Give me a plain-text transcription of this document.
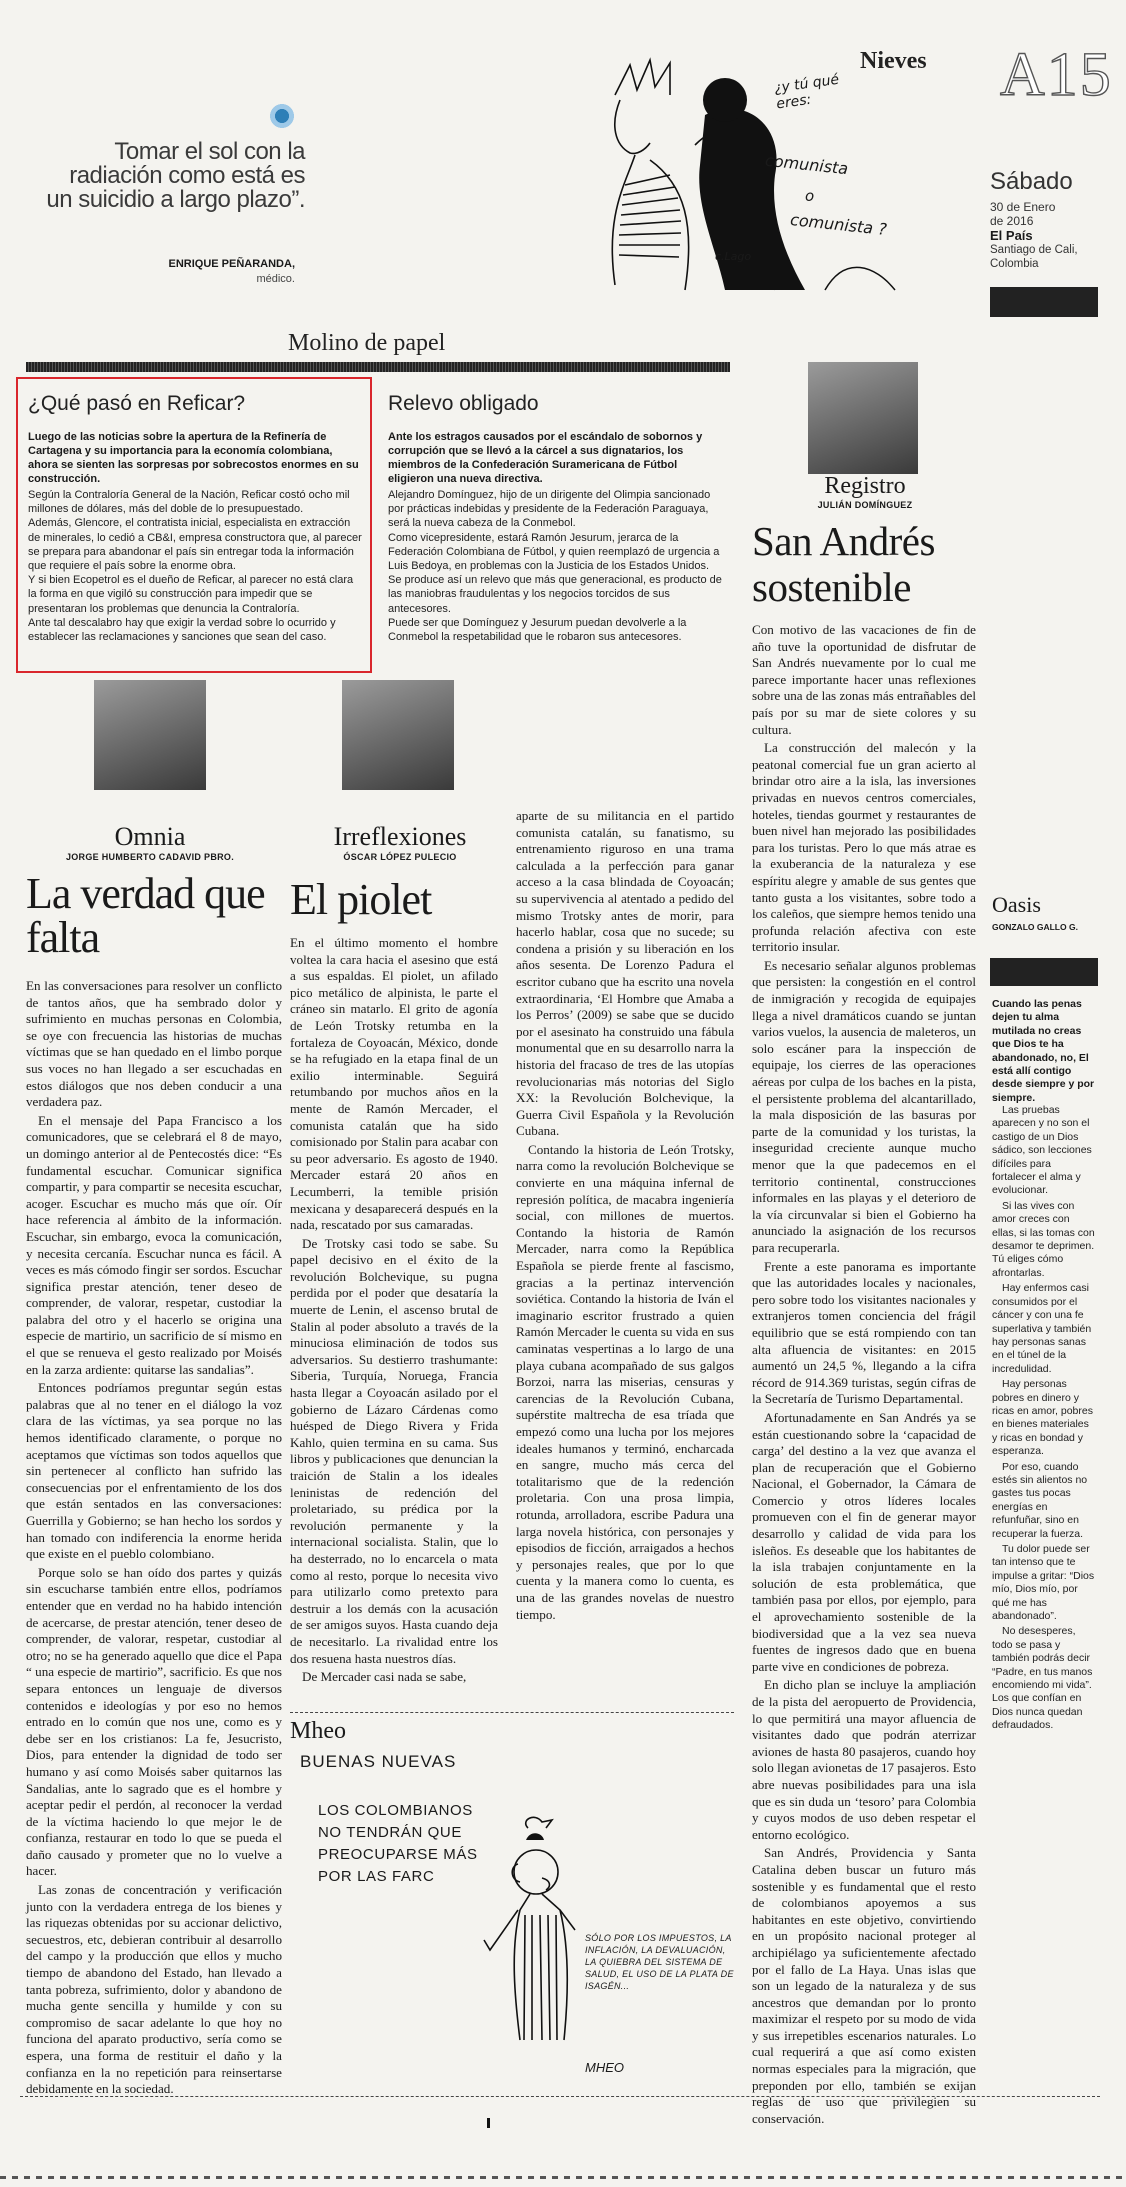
Tomar el sol con la radiación como está es un suicidio a largo plazo”.
ENRIQUE PEÑARANDA,
médico.
¿y tú qué eres:
comunista
o
comunista ?
c.Lago
Nieves A15
Sábado
30 de Enero
de 2016
El País
Santiago de Cali,
Colombia
Molino de papel
¿Qué pasó en Reficar?
Luego de las noticias sobre la apertura de la Refinería de Cartagena y su importancia para la economía colombiana, ahora se sienten las sorpresas por sobrecostos enormes en su construcción.
Según la Contraloría General de la Nación, Reficar costó ocho mil millones de dólares, más del doble de lo presupuestado.
Además, Glencore, el contratista inicial, especialista en extracción de minerales, lo cedió a CB&I, empresa constructora que, al parecer se prepara para abandonar el país sin entregar toda la información que requiere el país sobre la enorme obra.
Y si bien Ecopetrol es el dueño de Reficar, al parecer no está clara la forma en que vigiló su construcción para impedir que se presentaran los problemas que denuncia la Contraloría.
Ante tal descalabro hay que exigir la verdad sobre lo ocurrido y establecer las reclamaciones y sanciones que sean del caso.
Relevo obligado
Ante los estragos causados por el escándalo de sobornos y corrupción que se llevó a la cárcel a sus dignatarios, los miembros de la Confederación Suramericana de Fútbol eligieron una nueva directiva.
Alejandro Domínguez, hijo de un dirigente del Olimpia sancionado por prácticas indebidas y presidente de la Federación Paraguaya, será la nueva cabeza de la Conmebol.
Como vicepresidente, estará Ramón Jesurum, jerarca de la Federación Colombiana de Fútbol, y quien reemplazó de urgencia a Luis Bedoya, en problemas con la Justicia de los Estados Unidos.
Se produce así un relevo que más que generacional, es producto de las maniobras fraudulentas y los negocios torcidos de sus antecesores.
Puede ser que Domínguez y Jesurum puedan devolverle a la Conmebol la respetabilidad que le robaron sus antecesores.
Omnia
JORGE HUMBERTO CADAVID PBRO.
La verdad que falta

En las conversaciones para resolver un conflicto de tantos años, que ha sembrado dolor y sufrimiento en muchas personas en Colombia, se oye con frecuencia las historias de muchas víctimas que se han quedado en el limbo porque sus voces no han llegado a ser escuchadas en estos diálogos que nos deben conducir a una verdadera paz.

En el mensaje del Papa Francisco a los comunicadores, que se celebrará el 8 de mayo, un domingo anterior al de Pentecostés dice: “Es fundamental escuchar. Comunicar significa compartir, y para compartir se necesita escuchar, acoger. Escuchar es mucho más que oír. Oír hace referencia al ámbito de la información. Escuchar, sin embargo, evoca la comunicación, y necesita cercanía. Escuchar nunca es fácil. A veces es más cómodo fingir ser sordos. Escuchar significa prestar atención, tener deseo de comprender, de valorar, respetar, custodiar la palabra del otro y el hacerlo se origina una especie de martirio, un sacrificio de sí mismo en el que se renueva el gesto realizado por Moisés en la zarza ardiente: quitarse las sandalias”.

Entonces podríamos preguntar según estas palabras que al no tener en el diálogo la voz clara de las víctimas, ya sea porque no las hemos identificado claramente, o porque no aceptamos que víctimas son todos aquellos que sin pertenecer al conflicto han sufrido las consecuencias por el enfrentamiento de los dos que están sentados en las conversaciones: Guerrilla y Gobierno; se han hecho los sordos y han tomado con indiferencia la enorme herida que existe en el pueblo colombiano.

Porque solo se han oído dos partes y quizás sin escucharse también entre ellos, podríamos entender que en verdad no ha habido intención de acercarse, de prestar atención, tener deseo de comprender, de valorar, respetar, custodiar al otro; no se ha generado aquello que dice el Papa “ una especie de martirio”, sacrificio. Es que nos separa entonces un lenguaje de diversos contenidos e ideologías y por eso no hemos entrado en lo común que nos une, como es y debe ser en los cristianos: La fe, Jesucristo, Dios, para entender la dignidad de todo ser humano y así como Moisés saber quitarnos las Sandalias, ante lo sagrado que es el hombre y aceptar pedir el perdón, al reconocer la verdad de la víctima haciendo lo que mejor le de confianza, restaurar en todo lo que se pueda el daño causado y prometer que no lo vuelve a hacer.

Las zonas de concentración y verificación junto con la verdadera entrega de los bienes y las riquezas obtenidas por su accionar delictivo, secuestros, etc, debieran contribuir al desarrollo del campo y la producción que ellos y mucho tiempo de abandono del Estado, han llevado a tanta pobreza, sufrimiento, dolor y abandono de mucha gente sencilla y humilde y con su compromiso de sacar adelante lo que hoy no funciona del aparato productivo, sería como se espera, una forma de restituir el daño y la confianza en la no repetición para reinsertarse debidamente en la sociedad.

Irreflexiones
ÓSCAR LÓPEZ PULECIO
El piolet

En el último momento el hombre voltea la cara hacia el asesino que está a sus espaldas. El piolet, un afilado pico metálico de alpinista, le parte el cráneo sin matarlo. El grito de agonía de León Trotsky retumba en la fortaleza de Coyoacán, México, donde se ha refugiado en la etapa final de un exilio interminable. Seguirá retumbando por muchos años en la mente de Ramón Mercader, el comunista catalán que ha sido comisionado por Stalin para acabar con su peor adversario. Es agosto de 1940. Mercader estará 20 años en Lecumberri, la temible prisión mexicana y desaparecerá después en la nada, rescatado por sus camaradas.

De Trotsky casi todo se sabe. Su papel decisivo en el éxito de la revolución Bolchevique, su pugna perdida por el poder que desataría la muerte de Lenin, el ascenso brutal de Stalin al poder absoluto a través de la minuciosa eliminación de todos sus adversarios. Su destierro trashumante: Siberia, Turquía, Noruega, Francia hasta llegar a Coyoacán asilado por el gobierno de Lázaro Cárdenas como huésped de Diego Rivera y Frida Kahlo, quien termina en su cama. Sus libros y publicaciones que denuncian la traición de Stalin a los ideales leninistas de redención del proletariado, su prédica por la revolución permanente y la internacional socialista. Stalin, que lo ha desterrado, no lo encarcela o mata como al resto, porque lo necesita vivo para utilizarlo como pretexto para destruir a los demás con la acusación de ser amigos suyos. Hasta cuando deja de necesitarlo. La rivalidad entre los dos resuena hasta nuestros días.

De Mercader casi nada se sabe,

aparte de su militancia en el partido comunista catalán, su fanatismo, su entrenamiento riguroso en una trama calculada a la perfección para ganar acceso a la casa blindada de Coyoacán; su supervivencia al atentado a pedido del mismo Trotsky antes de morir, para hacerlo hablar, cosa que no sucede; su condena a prisión y su liberación en los años sesenta. De Lorenzo Padura el escritor cubano que ha escrito una novela extraordinaria, ‘El Hombre que Amaba a los Perros’ (2009) se sabe que se ducido por el asesinato ha construido una fábula monumental que en su desarrollo narra la historia del fracaso de tres de las utopías revolucionarias más notorias del Siglo XX: la Revolución Bolchevique, la Guerra Civil Española y la Revolución Cubana.

Contando la historia de León Trotsky, narra como la revolución Bolchevique se convierte en una máquina infernal de represión política, de macabra ingeniería social, con millones de muertos. Contando la historia de Ramón Mercader, narra como la República Española se pierde frente al fascismo, gracias a la pertinaz intervención soviética. Contando la historia de Iván el imaginario escritor frustrado a quien Ramón Mercader le cuenta su vida en sus caminatas vespertinas a lo largo de una playa cubana acompañado de sus galgos Borzoi, narra las miserias, censuras y carencias de la Revolución Cubana, supérstite maltrecha de esa tríada que empezó como una lucha por los mejores ideales humanos y terminó, encharcada en sangre, mucho más cerca del totalitarismo que de la redención proletaria. Con una prosa limpia, rotunda, arrolladora, escribe Padura una larga novela histórica, con personajes y episodios de ficción, arraigados a hechos y personajes reales, que por lo que cuenta y la manera como lo cuenta, es una de las grandes novelas de nuestro tiempo.

Mheo
BUENAS NUEVAS
LOS COLOMBIANOS NO TENDRÁN QUE PREOCUPARSE MÁS POR LAS FARC
SÓLO POR LOS IMPUESTOS, LA INFLACIÓN, LA DEVALUACIÓN, LA QUIEBRA DEL SISTEMA DE SALUD, EL USO DE LA PLATA DE ISAGÉN...
MHEO
Registro
JULIÁN DOMÍNGUEZ
San Andrés sostenible

Con motivo de las vacaciones de fin de año tuve la oportunidad de disfrutar de San Andrés nuevamente por lo cual me parece importante hacer unas reflexiones sobre una de las zonas más entrañables del país por su mar de siete colores y su cultura.

La construcción del malecón y la peatonal comercial fue un gran acierto al brindar otro aire a la isla, las inversiones privadas en nuevos centros comerciales, hoteles, tiendas gourmet y restaurantes de buen nivel han mejorado las posibilidades para los turistas. Pero lo que más atrae es la exuberancia de la naturaleza y ese espíritu alegre y amable de sus gentes que tanto gusta a los visitantes, sobre todo a los caleños, que siempre hemos tenido una profunda relación afectiva con este territorio insular.

Es necesario señalar algunos problemas que persisten: la congestión en el control de inmigración y recogida de equipajes llega a nivel dramáticos cuando se juntan varios vuelos, la ausencia de maleteros, un solo escáner para la inspección de equipaje, los cierres de las operaciones aéreas por culpa de los baches en la pista, el persistente problema del alcantarillado, la mala disposición de las basuras por parte de la comunidad y los turistas, la inseguridad creciente aunque mucho menor que la que padecemos en el territorio continental, construcciones informales en las playas y el deterioro de la vía circunvalar si bien el Gobierno ha anunciado la asignación de los recursos para recuperarla.

Frente a este panorama es importante que las autoridades locales y nacionales, pero sobre todo los visitantes nacionales y extranjeros tomen conciencia del frágil equilibrio que se está rompiendo con tan alta afluencia de visitantes: en 2015 aumentó un 24,5 %, llegando a la cifra récord de 914.369 turistas, según cifras de la Secretaría de Turismo Departamental.

Afortunadamente en San Andrés ya se están cuestionando sobre la ‘capacidad de carga’ del destino a la vez que avanza el plan de recuperación que el Gobierno Nacional, el Gobernador, la Cámara de Comercio y otros líderes locales promueven con el fin de generar mayor desarrollo y calidad de vida para los isleños. Es deseable que los habitantes de la isla trabajen conjuntamente en la solución de esta problemática, que también pasa por ellos, por ejemplo, para el aprovechamiento sostenible de la biodiversidad que a la vez sea nueva fuentes de ingresos dado que en buena parte vive en condiciones de pobreza.

En dicho plan se incluye la ampliación de la pista del aeropuerto de Providencia, lo que permitirá una mayor afluencia de visitantes dado que podrán aterrizar aviones de hasta 80 pasajeros, cuando hoy solo llegan avionetas de 17 pasajeros. Esto abre nuevas posibilidades para una isla que es sin duda un ‘tesoro’ para Colombia y cuyos modos de uso deben respetar el entorno ecológico.

San Andrés, Providencia y Santa Catalina deben buscar un futuro más sostenible y es fundamental que el resto de colombianos apoyemos a sus habitantes en este objetivo, convirtiendo en un propósito nacional proteger al archipiélago ya suficientemente afectado por el fallo de La Haya. Unas islas que son un legado de la naturaleza y de sus ancestros que demandan por lo pronto maximizar el respeto por su modo de vida y sus irrepetibles escenarios naturales. Lo cual requerirá a que así como existen normas especiales para la migración, que preponden por ello, también se exijan reglas de uso que privilegien su conservación.

Oasis
GONZALO GALLO G.
Cuando las penas dejen tu alma mutilada no creas que Dios te ha abandonado, no, El está allí contigo desde siempre y por siempre.
Las pruebas aparecen y no son el castigo de un Dios sádico, son lecciones difíciles para fortalecer el alma y evolucionar.
Si las vives con amor creces con ellas, si las tomas con desamor te deprimen. Tú eliges cómo afrontarlas.
Hay enfermos casi consumidos por el cáncer y con una fe superlativa y también hay personas sanas en el túnel de la incredulidad.
Hay personas pobres en dinero y ricas en amor, pobres en bienes materiales y ricas en bondad y esperanza.
Por eso, cuando estés sin alientos no gastes tus pocas energías en refunfuñar, sino en recuperar la fuerza.
Tu dolor puede ser tan intenso que te impulse a gritar: “Dios mío, Dios mío, por qué me has abandonado”.
No desesperes, todo se pasa y también podrás decir “Padre, en tus manos encomiendo mi vida”. Los que confían en Dios nunca quedan defraudados.
